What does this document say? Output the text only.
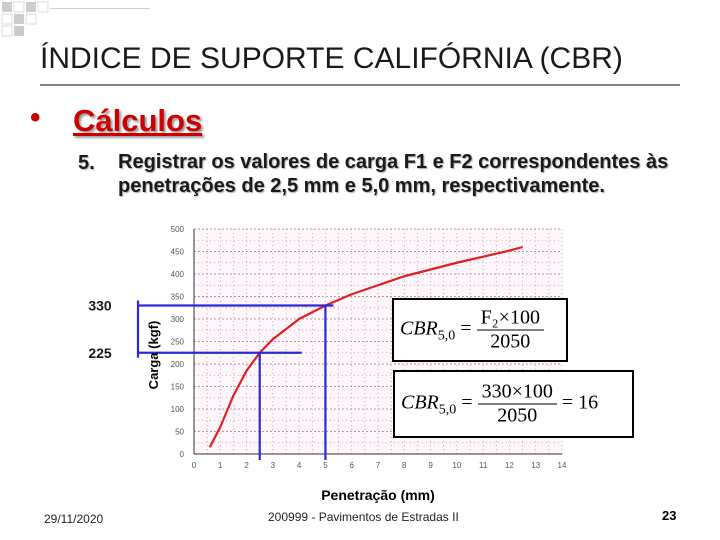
ÍNDICE DE SUPORTE CALIFÓRNIA (CBR)
• Cálculos
5. Registrar os valores de carga F1 e F2 correspondentes às penetrações de 2,5 mm e 5,0 mm, respectivamente.
0	1	2	3	4	5	6	7	8	9 10 11 12 13 14
0
50
100
150
200
250
300
350
400
450
500
225
330
Carga (kgf)
Penetração (mm)
$CBR_{5,0} = \frac{\text{F₂×100}}{2050}$
$CBR_{5,0} = \frac{330\times 100}{2050} = 16$
29/11/2020	200999 - Pavimentos de Estradas II	23
